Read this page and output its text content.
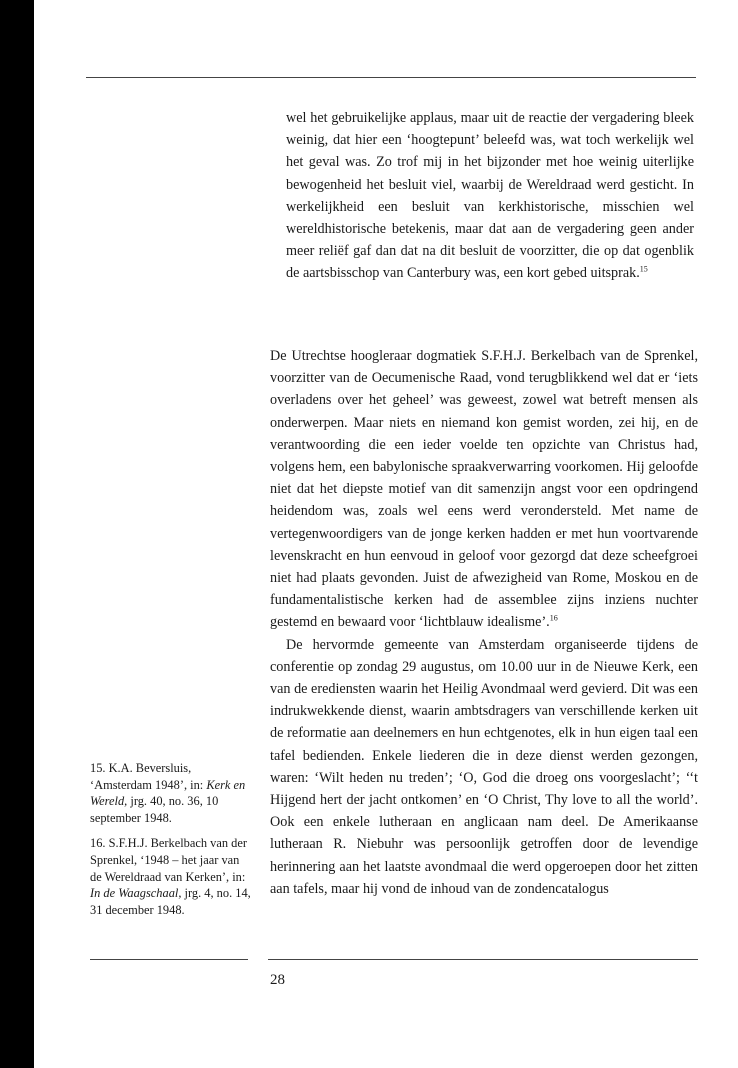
wel het gebruikelijke applaus, maar uit de reactie der vergadering bleek weinig, dat hier een ‘hoogtepunt’ beleefd was, wat toch werkelijk wel het geval was. Zo trof mij in het bijzonder met hoe weinig uiterlijke bewogenheid het besluit viel, waarbij de Wereldraad werd gesticht. In werkelijkheid een besluit van kerkhistorische, misschien wel wereldhistorische betekenis, maar dat aan de vergadering geen ander meer reliëf gaf dan dat na dit besluit de voorzitter, die op dat ogenblik de aartsbisschop van Canterbury was, een kort gebed uitsprak.$^{15}$

De Utrechtse hoogleraar dogmatiek S.F.H.J. Berkelbach van de Sprenkel, voorzitter van de Oecumenische Raad, vond terugblikkend wel dat er ‘iets overladens over het geheel’ was geweest, zowel wat betreft mensen als onderwerpen. Maar niets en niemand kon gemist worden, zei hij, en de verantwoording die een ieder voelde ten opzichte van Christus had, volgens hem, een babylonische spraakverwarring voorkomen. Hij geloofde niet dat het diepste motief van dit samenzijn angst voor een opdringend heidendom was, zoals wel eens werd verondersteld. Met name de vertegenwoordigers van de jonge kerken hadden er met hun voortvarende levenskracht en hun eenvoud in geloof voor gezorgd dat deze scheefgroei niet had plaats gevonden. Juist de afwezigheid van Rome, Moskou en de fundamentalistische kerken had de assemblee zijns inziens nuchter gestemd en bewaard voor ‘lichtblauw idealisme’.$^{16}$

De hervormde gemeente van Amsterdam organiseerde tijdens de conferentie op zondag 29 augustus, om 10.00 uur in de Nieuwe Kerk, een van de erediensten waarin het Heilig Avondmaal werd gevierd. Dit was een indrukwekkende dienst, waarin ambtsdragers van verschillende kerken uit de reformatie aan deelnemers en hun echtgenotes, elk in hun eigen taal een tafel bedienden. Enkele liederen die in deze dienst werden gezongen, waren: ‘Wilt heden nu treden’; ‘O, God die droeg ons voorgeslacht’; ‘‘t Hijgend hert der jacht ontkomen’ en ‘O Christ, Thy love to all the world’. Ook een enkele lutheraan en anglicaan nam deel. De Amerikaanse lutheraan R. Niebuhr was persoonlijk getroffen door de levendige herinnering aan het laatste avondmaal die werd opgeroepen door het zitten aan tafels, maar hij vond de inhoud van de zondencatalogus

15. K.A. Beversluis, ‘Amsterdam 1948’, in: Kerk en Wereld, jrg. 40, no. 36, 10 september 1948.

16. S.F.H.J. Berkelbach van der Sprenkel, ‘1948 – het jaar van de Wereldraad van Kerken’, in: In de Waagschaal, jrg. 4, no. 14, 31 december 1948.

28
